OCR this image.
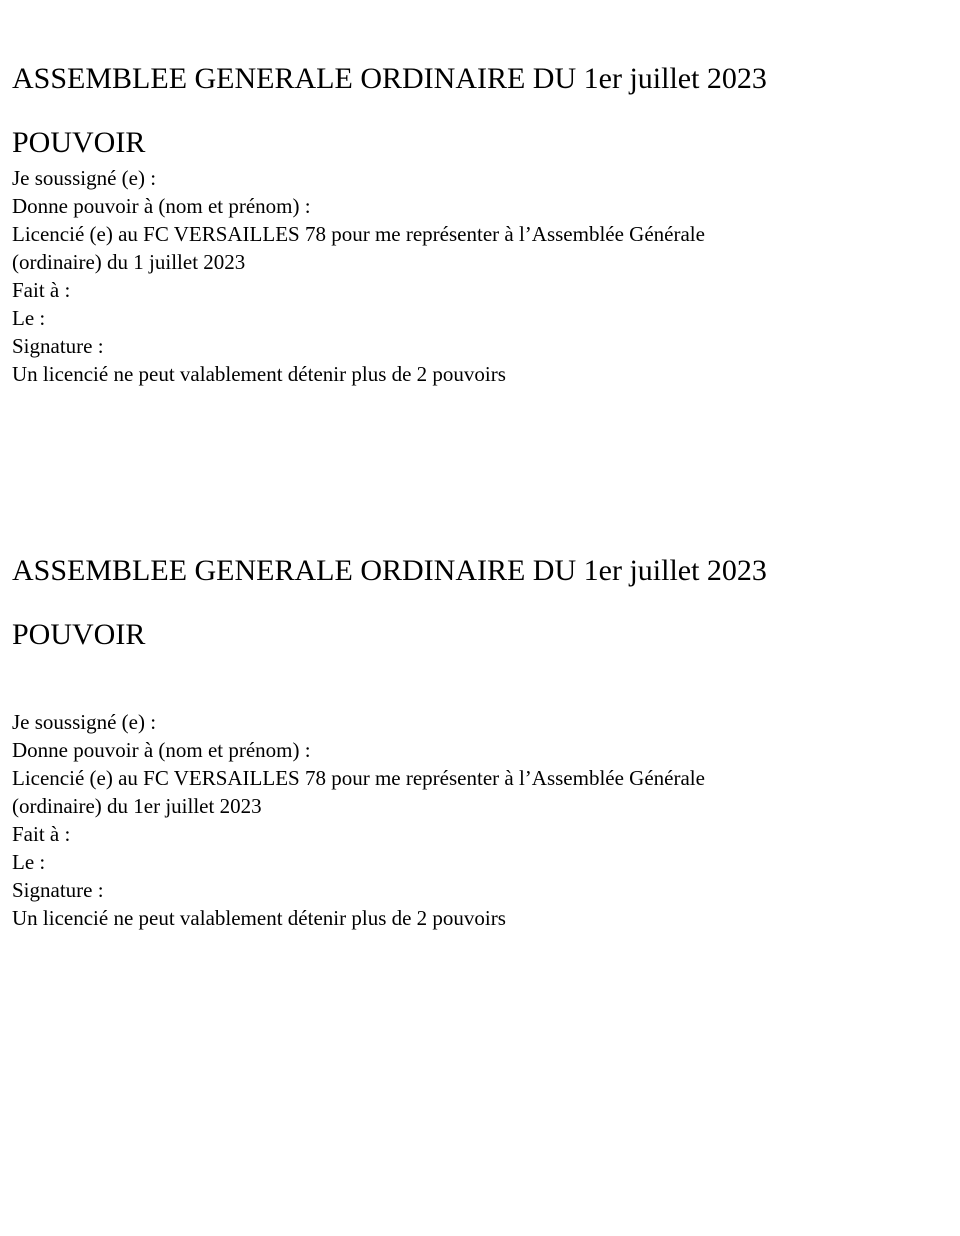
ASSEMBLEE GENERALE ORDINAIRE DU 1er juillet 2023
POUVOIR
Je soussigné (e) :
Donne pouvoir à (nom et prénom) :
Licencié (e) au FC VERSAILLES 78 pour me représenter à l’Assemblée Générale
(ordinaire) du 1 juillet 2023
Fait à :
Le :
Signature :
Un licencié ne peut valablement détenir plus de 2 pouvoirs
ASSEMBLEE GENERALE ORDINAIRE DU 1er juillet 2023
POUVOIR
Je soussigné (e) :
Donne pouvoir à (nom et prénom) :
Licencié (e) au FC VERSAILLES 78 pour me représenter à l’Assemblée Générale
(ordinaire) du 1er juillet 2023
Fait à :
Le :
Signature :
Un licencié ne peut valablement détenir plus de 2 pouvoirs
